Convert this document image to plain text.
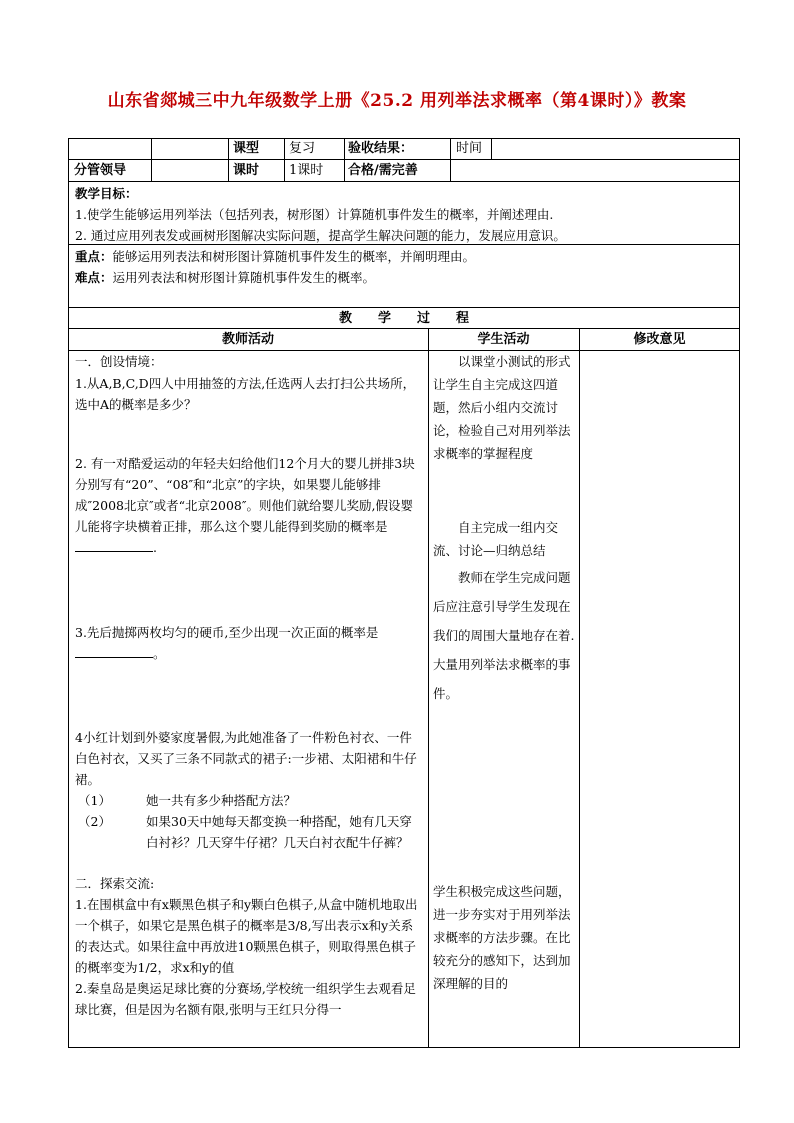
山东省郯城三中九年级数学上册《25.2 用列举法求概率（第4课时）》教案
课型 复习	验收结果：	时间
分管领导	课时 1课时 合格/需完善

教学目标：

1.使学生能够运用列举法（包括列表，树形图）计算随机事件发生的概率，并阐述理由.

2. 通过应用列表发或画树形图解决实际问题，提高学生解决问题的能力，发展应用意识。

重点：能够运用列表法和树形图计算随机事件发生的概率，并阐明理由。

难点：运用列表法和树形图计算随机事件发生的概率。

教　　学　　过　　程
教师活动	学生活动	修改意见
一．创设情境：
1.从A,B,C,D四人中用抽签的方法,任选两人去打扫公共场所，选中A的概率是多少？
2. 有一对酷爱运动的年轻夫妇给他们12个月大的婴儿拼排3块分别写有“20”、“08″和“北京”的字块，如果婴儿能够排成″2008北京″或者“北京2008″。则他们就给婴儿奖励,假设婴儿能将字块横着正排，那么这个婴儿能得到奖励的概率是.
3.先后抛掷两枚均匀的硬币,至少出现一次正面的概率是。
4小红计划到外婆家度暑假,为此她准备了一件粉色衬衣、一件白色衬衣，又买了三条不同款式的裙子:一步裙、太阳裙和牛仔裙。
（1）	她一共有多少种搭配方法？
（2）	如果30天中她每天都变换一种搭配，她有几天穿白衬衫？几天穿牛仔裙？几天白衬衣配牛仔裤？
二．探索交流:
1.在围棋盒中有x颗黑色棋子和y颗白色棋子,从盒中随机地取出一个棋子，如果它是黑色棋子的概率是3/8,写出表示x和y关系的表达式。如果往盒中再放进10颗黑色棋子，则取得黑色棋子的概率变为1/2，求x和y的值
2.秦皇岛是奥运足球比赛的分赛场,学校统一组织学生去观看足球比赛，但是因为名额有限,张明与王红只分得一

以课堂小测试的形式让学生自主完成这四道题，然后小组内交流讨论，检验自己对用列举法求概率的掌握程度

自主完成一组内交流、讨论—归纳总结

教师在学生完成问题后应注意引导学生发现在我们的周围大量地存在着.大量用列举法求概率的事件。

学生积极完成这些问题，进一步夯实对于用列举法求概率的方法步骤。在比较充分的感知下，达到加深理解的目的
